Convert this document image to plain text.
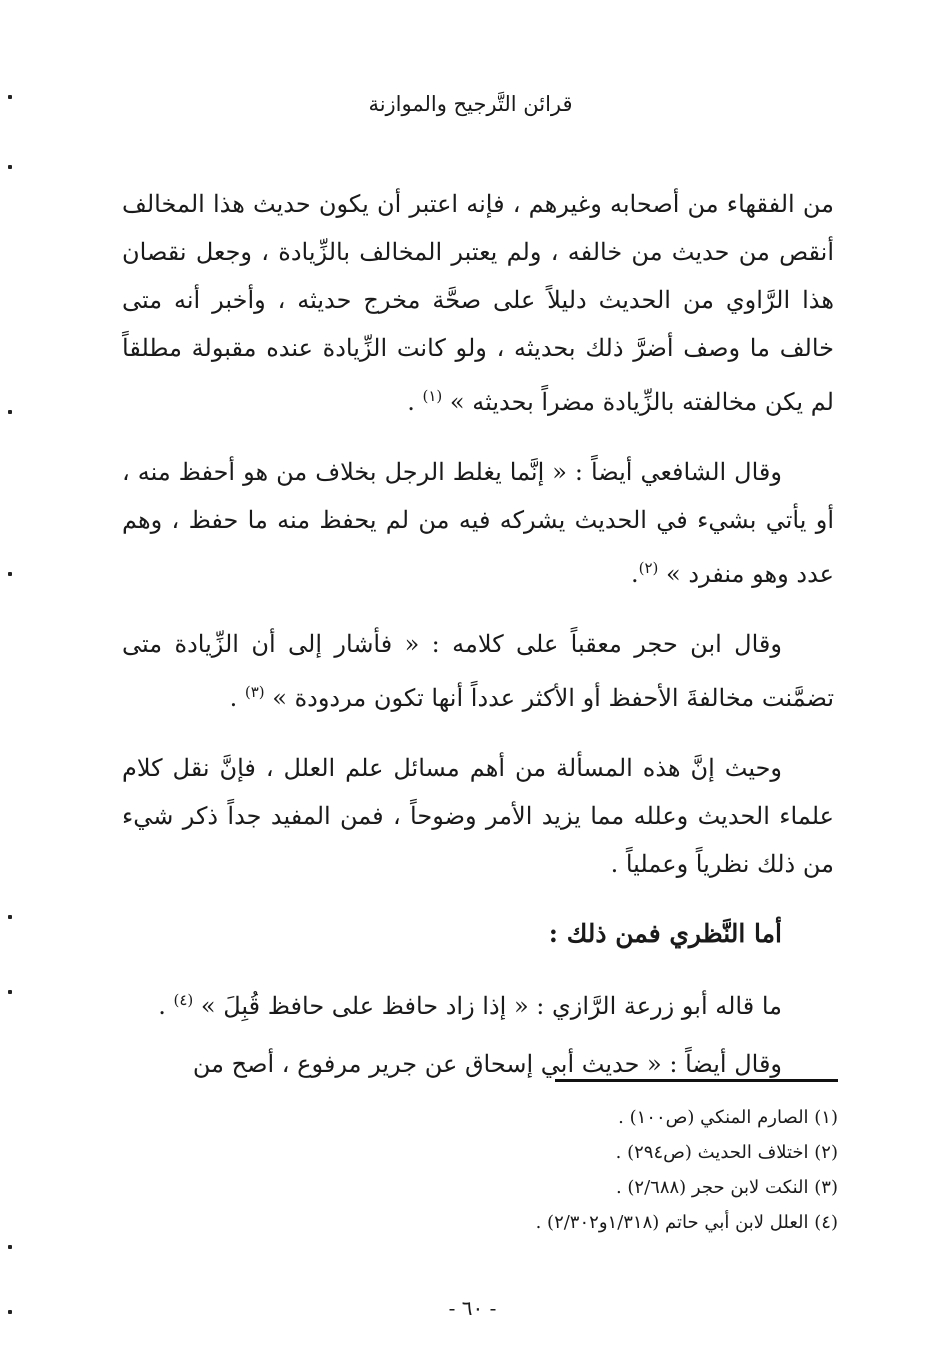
قرائن التَّرجيح والموازنة

من الفقهاء من أصحابه وغيرهم ، فإنه اعتبر أن يكون حديث هذا المخالف أنقص من حديث من خالفه ، ولم يعتبر المخالف بالزِّيادة ، وجعل نقصان هذا الرَّاوي من الحديث دليلاً على صحَّة مخرج حديثه ، وأخبر أنه متى خالف ما وصف أضرَّ ذلك بحديثه ، ولو كانت الزِّيادة عنده مقبولة مطلقاً لم يكن مخالفته بالزِّيادة مضراً بحديثه » $^{(١)}$ .

وقال الشافعي أيضاً : « إنَّما يغلط الرجل بخلاف من هو أحفظ منه ، أو يأتي بشيء في الحديث يشركه فيه من لم يحفظ منه ما حفظ ، وهم عدد وهو منفرد » $^{(٢)}$.

وقال ابن حجر معقباً على كلامه : « فأشار إلى أن الزِّيادة متى تضمَّنت مخالفةَ الأحفظ أو الأكثر عدداً أنها تكون مردودة » $^{(٣)}$ .

وحيث إنَّ هذه المسألة من أهم مسائل علم العلل ، فإنَّ نقل كلام علماء الحديث وعلله مما يزيد الأمر وضوحاً ، فمن المفيد جداً ذكر شيء من ذلك نظرياً وعملياً .

أما النَّظري فمن ذلك :

ما قاله أبو زرعة الرَّازي : « إذا زاد حافظ على حافظ قُبِلَ » $^{(٤)}$ .

وقال أيضاً : « حديث أبي إسحاق عن جرير مرفوع ، أصح من

(١) الصارم المنكي (ص١٠٠) .
(٢) اختلاف الحديث (ص٢٩٤) .
(٣) النكت لابن حجر (٢/٦٨٨) .
(٤) العلل لابن أبي حاتم (١/٣١٨و٢/٣٠٢) .
- ٦٠ -
